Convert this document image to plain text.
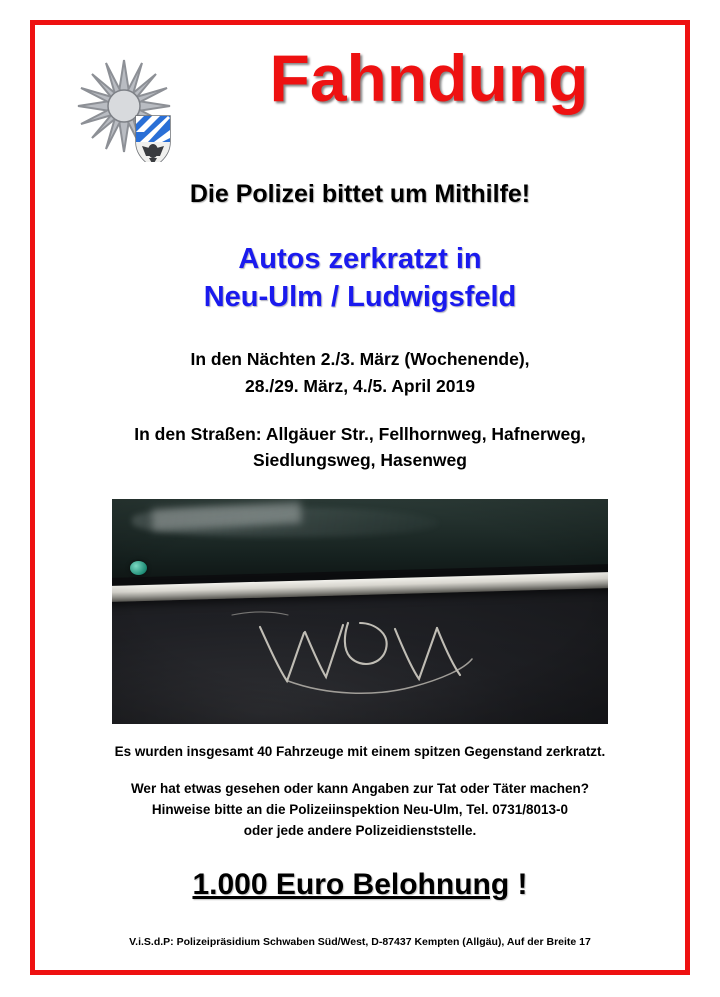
Fahndung
Die Polizei bittet um Mithilfe!
Autos zerkratzt in
Neu-Ulm / Ludwigsfeld
In den Nächten 2./3. März (Wochenende),
28./29. März, 4./5. April 2019
In den Straßen: Allgäuer Str., Fellhornweg, Hafnerweg,
Siedlungsweg, Hasenweg
Es wurden insgesamt 40 Fahrzeuge mit einem spitzen Gegenstand zerkratzt.
Wer hat etwas gesehen oder kann Angaben zur Tat oder Täter machen?
Hinweise bitte an die Polizeiinspektion Neu-Ulm, Tel. 0731/8013-0
oder jede andere Polizeidienststelle.
1.000 Euro Belohnung !
V.i.S.d.P: Polizeipräsidium Schwaben Süd/West, D-87437 Kempten (Allgäu), Auf der Breite 17
